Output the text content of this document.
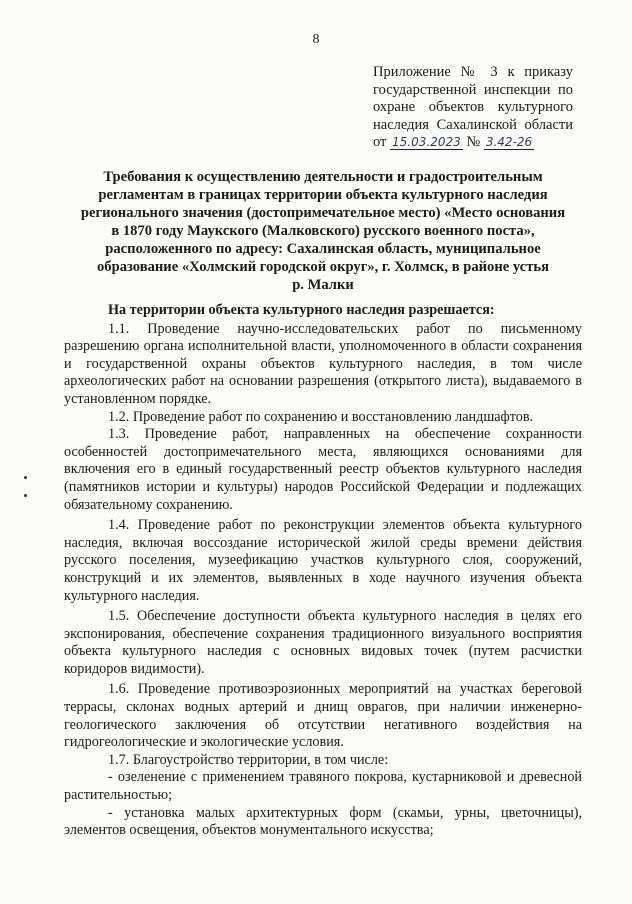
8
Приложение № 3 к приказу
государственной инспекции по
охране объектов культурного
наследия Сахалинской области
от 15.03.2023 № 3.42-26
Требования к осуществлению деятельности и градостроительным
регламентам в границах территории объекта культурного наследия
регионального значения (достопримечательное место) «Место основания
в 1870 году Маукского (Малковского) русского военного поста»,
расположенного по адресу: Сахалинская область, муниципальное
образование «Холмский городской округ», г. Холмск, в районе устья
р. Малки

На территории объекта культурного наследия разрешается:

1.1. Проведение научно-исследовательских работ по письменному разрешению органа исполнительной власти, уполномоченного в области сохранения и государственной охраны объектов культурного наследия, в том числе археологических работ на основании разрешения (открытого листа), выдаваемого в установленном порядке.

1.2. Проведение работ по сохранению и восстановлению ландшафтов.

1.3. Проведение работ, направленных на обеспечение сохранности особенностей достопримечательного места, являющихся основаниями для включения его в единый государственный реестр объектов культурного наследия (памятников истории и культуры) народов Российской Федерации и подлежащих обязательному сохранению.

1.4. Проведение работ по реконструкции элементов объекта культурного наследия, включая воссоздание исторической жилой среды времени действия русского поселения, музеефикацию участков культурного слоя, сооружений, конструкций и их элементов, выявленных в ходе научного изучения объекта культурного наследия.

1.5. Обеспечение доступности объекта культурного наследия в целях его экспонирования, обеспечение сохранения традиционного визуального восприятия объекта культурного наследия с основных видовых точек (путем расчистки коридоров видимости).

1.6. Проведение противоэрозионных мероприятий на участках береговой террасы, склонах водных артерий и днищ оврагов, при наличии инженерно-геологического заключения об отсутствии негативного воздействия на гидрогеологические и экологические условия.

1.7. Благоустройство территории, в том числе:

- озеленение с применением травяного покрова, кустарниковой и древесной растительностью;

- установка малых архитектурных форм (скамьи, урны, цветочницы), элементов освещения, объектов монументального искусства;
